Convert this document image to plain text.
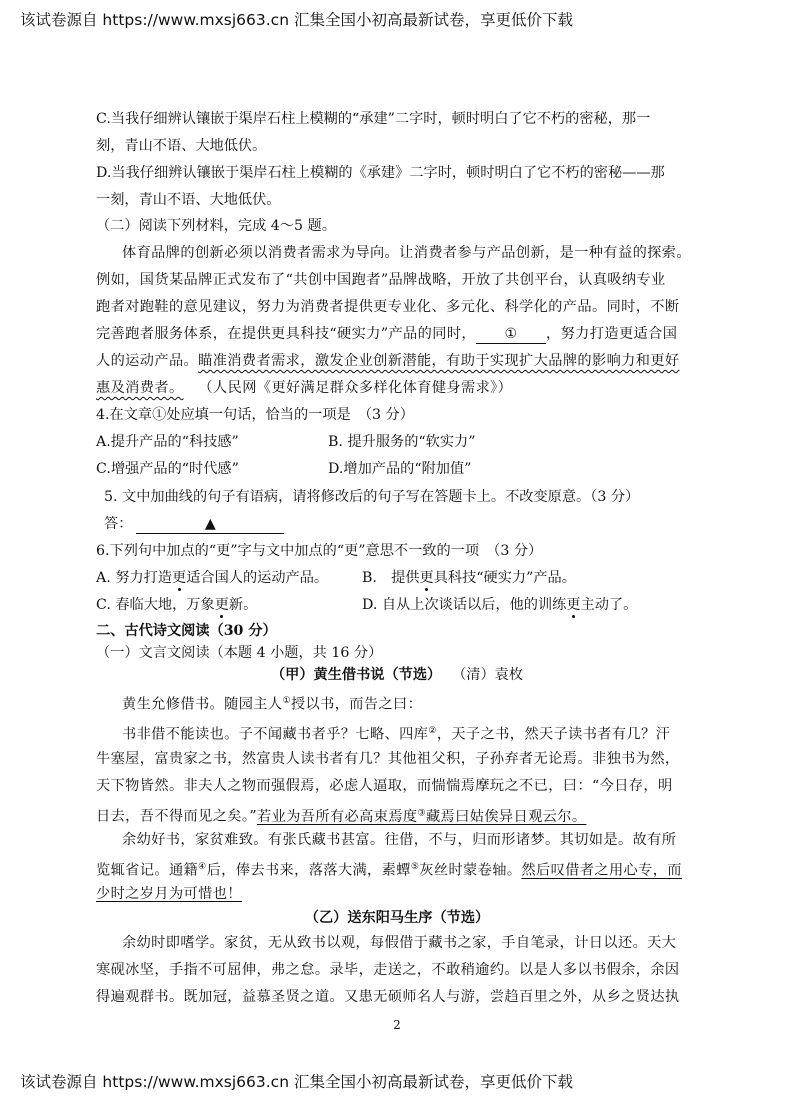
该试卷源自 https://www.mxsj663.cn 汇集全国小初高最新试卷，享更低价下载
C.当我仔细辨认镶嵌于渠岸石柱上模糊的“承建”二字时，顿时明白了它不朽的密秘，那一
刻，青山不语、大地低伏。
D.当我仔细辨认镶嵌于渠岸石柱上模糊的《承建》二字时，顿时明白了它不朽的密秘——那
一刻，青山不语、大地低伏。
（二）阅读下列材料，完成 4～5 题。
体育品牌的创新必须以消费者需求为导向。让消费者参与产品创新，是一种有益的探索。
例如，国货某品牌正式发布了“共创中国跑者”品牌战略，开放了共创平台，认真吸纳专业
跑者对跑鞋的意见建议，努力为消费者提供更专业化、多元化、科学化的产品。同时，不断
完善跑者服务体系，在提供更具科技“硬实力”产品的同时， ① ，努力打造更适合国
人的运动产品。瞄准消费者需求，激发企业创新潜能，有助于实现扩大品牌的影响力和更好
惠及消费者。 （人民网《更好满足群众多样化体育健身需求》）
4.在文章①处应填一句话，恰当的一项是　（3 分）
A.提升产品的“科技感”	B. 提升服务的“软实力”
C.增强产品的“时代感”	D.增加产品的“附加值”
5. 文中加曲线的句子有语病，请将修改后的句子写在答题卡上。不改变原意。（3 分）
答：	▲
6.下列句中加点的“更”字与文中加点的“更”意思不一致的一项　（3 分）
A. 努力打造更适合国人的运动产品。 B.　提供更具科技“硬实力”产品。
C. 春临大地，万象更新。	D. 自从上次谈话以后，他的训练更主动了。
二、古代诗文阅读（30 分）
（一）文言文阅读（本题 4 小题，共 16 分）
（甲）黄生借书说（节选） （清）袁枚
黄生允修借书。随园主人①授以书，而告之曰：
书非借不能读也。子不闻藏书者乎？七略、四库②，天子之书，然天子读书者有几？汗
牛塞屋，富贵家之书，然富贵人读书者有几？其他祖父积，子孙弃者无论焉。非独书为然，
天下物皆然。非夫人之物而强假焉，必虑人逼取，而惴惴焉摩玩之不已，曰：“今日存，明
日去，吾不得而见之矣。”若业为吾所有必高束焉度③藏焉曰姑俟异日观云尔。
余幼好书，家贫难致。有张氏藏书甚富。往借，不与，归而形诸梦。其切如是。故有所
览辄省记。通籍④后，俸去书来，落落大满，素蟫⑤灰丝时蒙卷轴。然后叹借者之用心专，而
少时之岁月为可惜也！
（乙）送东阳马生序（节选）
余幼时即嗜学。家贫，无从致书以观，每假借于藏书之家，手自笔录，计日以还。天大
寒砚冰坚，手指不可屈伸，弗之怠。录毕，走送之，不敢稍逾约。以是人多以书假余，余因
得遍观群书。既加冠，益慕圣贤之道。又患无硕师名人与游，尝趋百里之外，从乡之贤达执
2
该试卷源自 https://www.mxsj663.cn 汇集全国小初高最新试卷，享更低价下载
